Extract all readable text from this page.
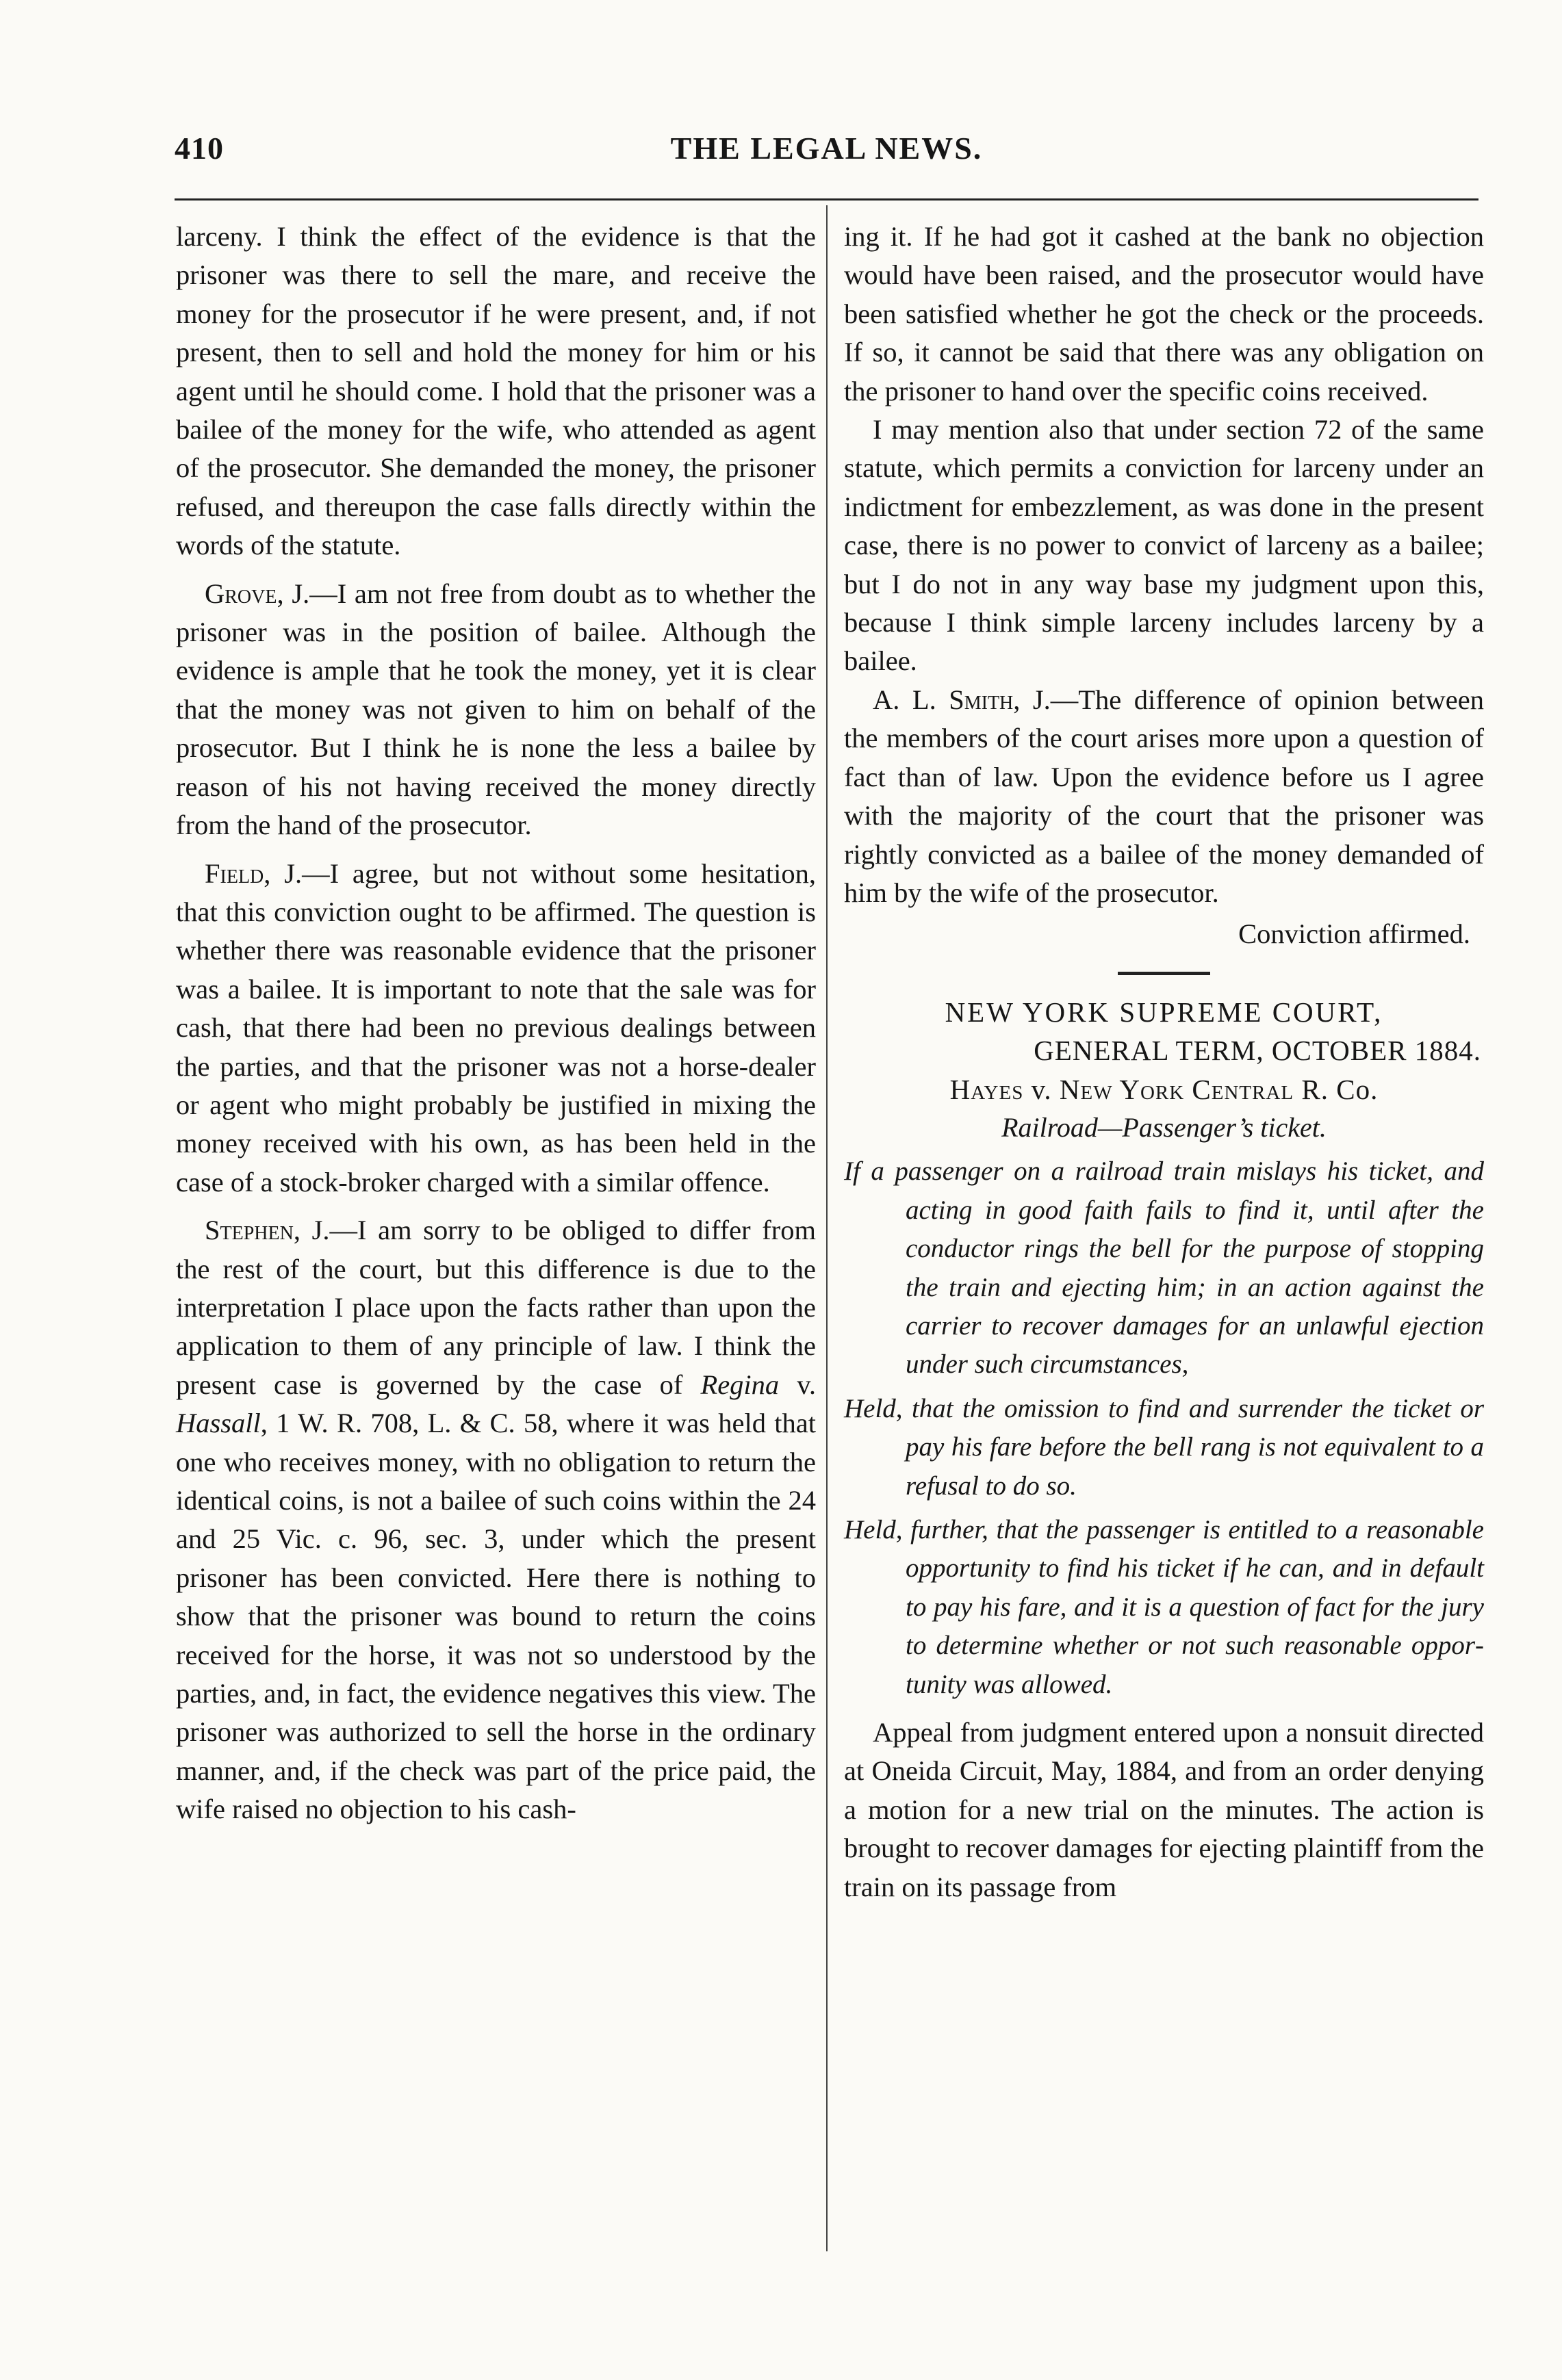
410	THE LEGAL NEWS.

larceny. I think the effect of the evidence is that the prisoner was there to sell the mare, and receive the money for the prosecutor if he were present, and, if not present, then to sell and hold the money for him or his agent until he should come. I hold that the prisoner was a bailee of the money for the wife, who attended as agent of the prosecutor. She demanded the money, the prisoner refused, and thereupon the case falls directly within the words of the statute.

Grove, J.—I am not free from doubt as to whether the prisoner was in the position of bailee. Although the evidence is ample that he took the money, yet it is clear that the money was not given to him on behalf of the prosecutor. But I think he is none the less a bailee by reason of his not having received the money directly from the hand of the prosecutor.

Field, J.—I agree, but not without some hesitation, that this conviction ought to be affirmed. The question is whether there was reasonable evidence that the prisoner was a bailee. It is important to note that the sale was for cash, that there had been no previous dealings between the parties, and that the prisoner was not a horse-dealer or agent who might probably be justified in mixing the money received with his own, as has been held in the case of a stock-broker charged with a similar offence.

Stephen, J.—I am sorry to be obliged to differ from the rest of the court, but this difference is due to the interpretation I place upon the facts rather than upon the application to them of any principle of law. I think the present case is governed by the case of Regina v. Hassall, 1 W. R. 708, L. & C. 58, where it was held that one who receives money, with no obligation to return the identical coins, is not a bailee of such coins within the 24 and 25 Vic. c. 96, sec. 3, under which the present prisoner has been convicted. Here there is nothing to show that the prisoner was bound to return the coins received for the horse, it was not so understood by the parties, and, in fact, the evidence negatives this view. The prisoner was authorized to sell the horse in the ordinary manner, and, if the check was part of the price paid, the wife raised no objection to his cash-

ing it. If he had got it cashed at the bank no objection would have been raised, and the prosecutor would have been satisfied whether he got the check or the proceeds. If so, it cannot be said that there was any obligation on the prisoner to hand over the specific coins received.

I may mention also that under section 72 of the same statute, which permits a conviction for larceny under an indictment for embezzlement, as was done in the present case, there is no power to convict of larceny as a bailee; but I do not in any way base my judgment upon this, because I think simple larceny includes larceny by a bailee.

A. L. Smith, J.—The difference of opinion between the members of the court arises more upon a question of fact than of law. Upon the evidence before us I agree with the majority of the court that the prisoner was rightly convicted as a bailee of the money demanded of him by the wife of the prosecutor.

Conviction affirmed.

NEW YORK SUPREME COURT,

GENERAL TERM, OCTOBER 1884.

Hayes v. New York Central R. Co.

Railroad—Passenger’s ticket.

If a passenger on a railroad train mislays his ticket, and acting in good faith fails to find it, until after the conductor rings the bell for the purpose of stopping the train and ejecting him; in an action against the carrier to recover damages for an unlawful ejection under such circumstances,

Held, that the omission to find and surrender the ticket or pay his fare before the bell rang is not equivalent to a refusal to do so.

Held, further, that the passenger is entitled to a reasonable opportunity to find his ticket if he can, and in default to pay his fare, and it is a question of fact for the jury to determine whether or not such reasonable opportunity was allowed.

Appeal from judgment entered upon a nonsuit directed at Oneida Circuit, May, 1884, and from an order denying a motion for a new trial on the minutes. The action is brought to recover damages for ejecting plaintiff from the train on its passage from
